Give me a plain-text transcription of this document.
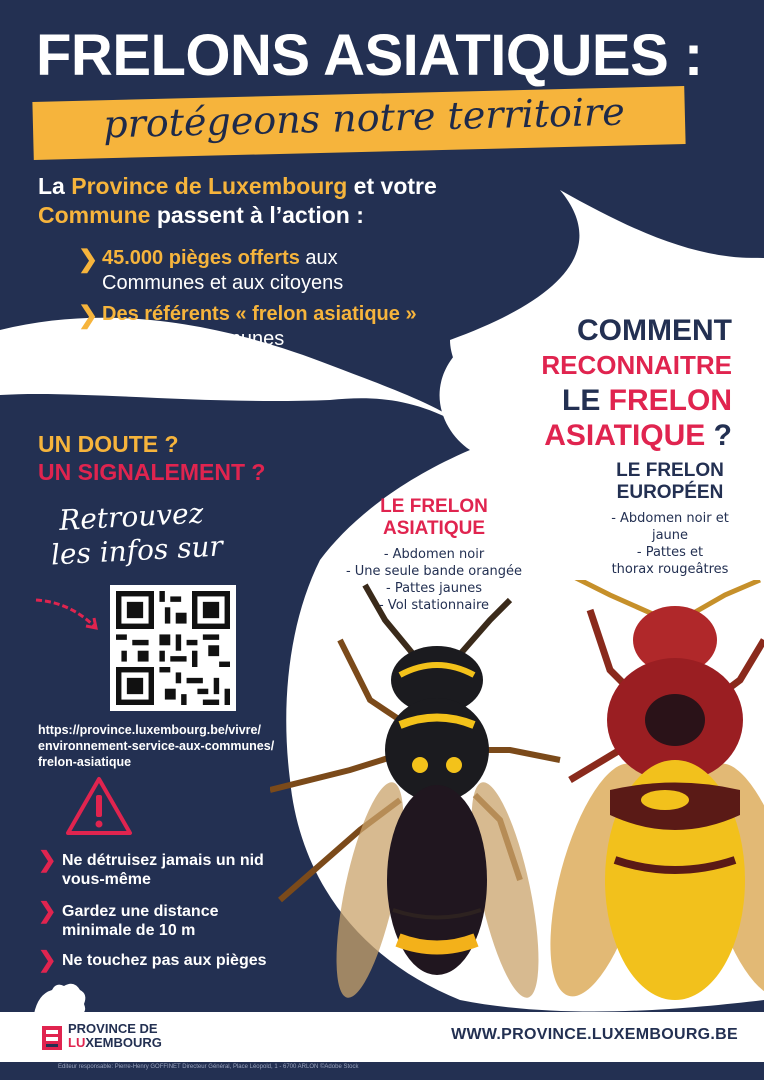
FRELONS ASIATIQUES :
protégeons notre territoire
La Province de Luxembourg et votre
Commune passent à l’action :
❯ 45.000 pièges offerts aux
Communes et aux citoyens
❯ Des référents « frelon asiatique »
dans les Communes	COMMENT
RECONNAITRE
LE FRELON
ASIATIQUE ?
LE FRELON
ASIATIQUE
- Abdomen noir
- Une seule bande orangée
- Pattes jaunes
- Vol stationnaire
LE FRELON
EUROPÉEN
- Abdomen noir et
jaune
- Pattes et
thorax rougeâtres
UN DOUTE ?
UN SIGNALEMENT ?
Retrouvez
les infos sur
https://province.luxembourg.be/vivre/
environnement-service-aux-communes/
frelon-asiatique
❯ Ne détruisez jamais un nid
vous-même
❯ Gardez une distance
minimale de 10 m
❯ Ne touchez pas aux pièges
PROVINCE DE
LUXEMBOURG	WWW.PROVINCE.LUXEMBOURG.BE
Editeur responsable: Pierre-Henry GOFFINET Directeur Général, Place Léopold, 1 - 6700 ARLON ©Adobe Stock
